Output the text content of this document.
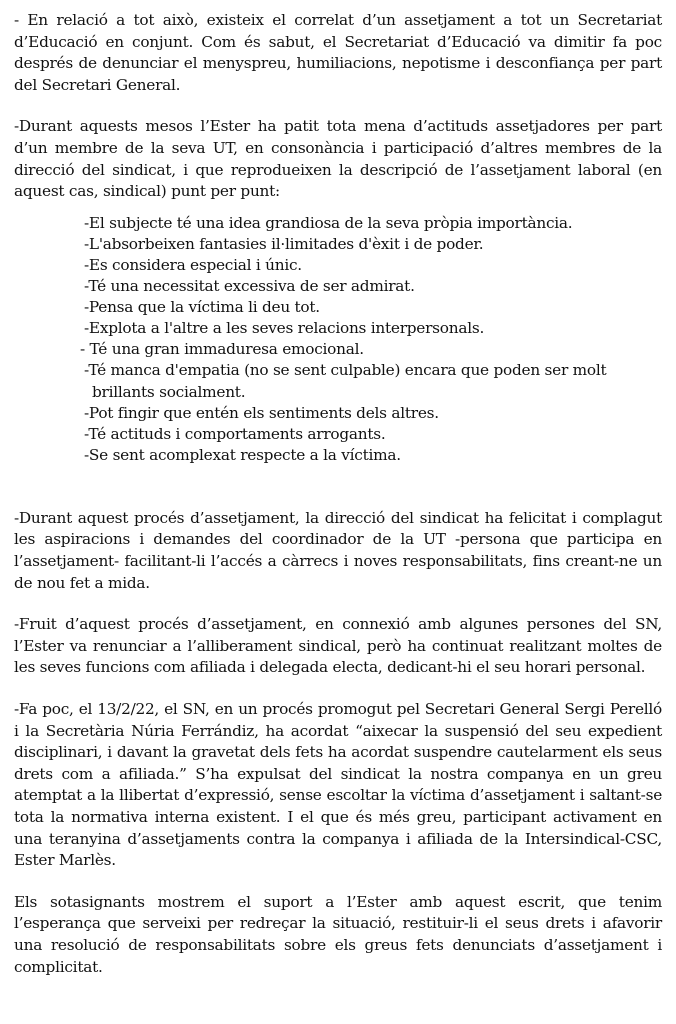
- En relació a tot això, existeix el correlat d’un assetjament a tot un Secretariat d’Educació en conjunt. Com és sabut, el Secretariat d’Educació va dimitir fa poc després de denunciar el menyspreu, humiliacions, nepotisme i desconfiança per part del Secretari General.

-Durant aquests mesos l’Ester ha patit tota mena d’actituds assetjadores per part d’un membre de la seva UT, en consonància i participació d’altres membres de la direcció del sindicat, i que reprodueixen la descripció de l’assetjament laboral (en aquest cas, sindical) punt per punt:

-El subjecte té una idea grandiosa de la seva pròpia importància.
-L'absorbeixen fantasies il·limitades d'èxit i de poder.
-Es considera especial i únic.
-Té una necessitat excessiva de ser admirat.
-Pensa que la víctima li deu tot.
-Explota a l'altre a les seves relacions interpersonals.
- Té una gran immaduresa emocional.
-Té manca d'empatia (no se sent culpable) encara que poden ser molt
brillants socialment.
-Pot fingir que entén els sentiments dels altres.
-Té actituds i comportaments arrogants.
-Se sent acomplexat respecte a la víctima.

-Durant aquest procés d’assetjament, la direcció del sindicat ha felicitat i complagut les aspiracions i demandes del coordinador de la UT -persona que participa en l’assetjament- facilitant-li l’accés a càrrecs i noves responsabilitats, fins creant-ne un de nou fet a mida.

-Fruit d’aquest procés d’assetjament, en connexió amb algunes persones del SN, l’Ester va renunciar a l’alliberament sindical, però ha continuat realitzant moltes de les seves funcions com afiliada i delegada electa, dedicant-hi el seu horari personal.

-Fa poc, el 13/2/22, el SN, en un procés promogut pel Secretari General Sergi Perelló i la Secretària Núria Ferrándiz, ha acordat “aixecar la suspensió del seu expedient disciplinari, i davant la gravetat dels fets ha acordat suspendre cautelarment els seus drets com a afiliada.” S’ha expulsat del sindicat la nostra companya en un greu atemptat a la llibertat d’expressió, sense escoltar la víctima d’assetjament i saltant-se tota la normativa interna existent. I el que és més greu, participant activament en una teranyina d’assetjaments contra la companya i afiliada de la Intersindical-CSC, Ester Marlès.

Els sotasignants mostrem el suport a l’Ester amb aquest escrit, que tenim l’esperança que serveixi per redreçar la situació, restituir-li el seus drets i afavorir una resolució de responsabilitats sobre els greus fets denunciats d’assetjament i complicitat.
